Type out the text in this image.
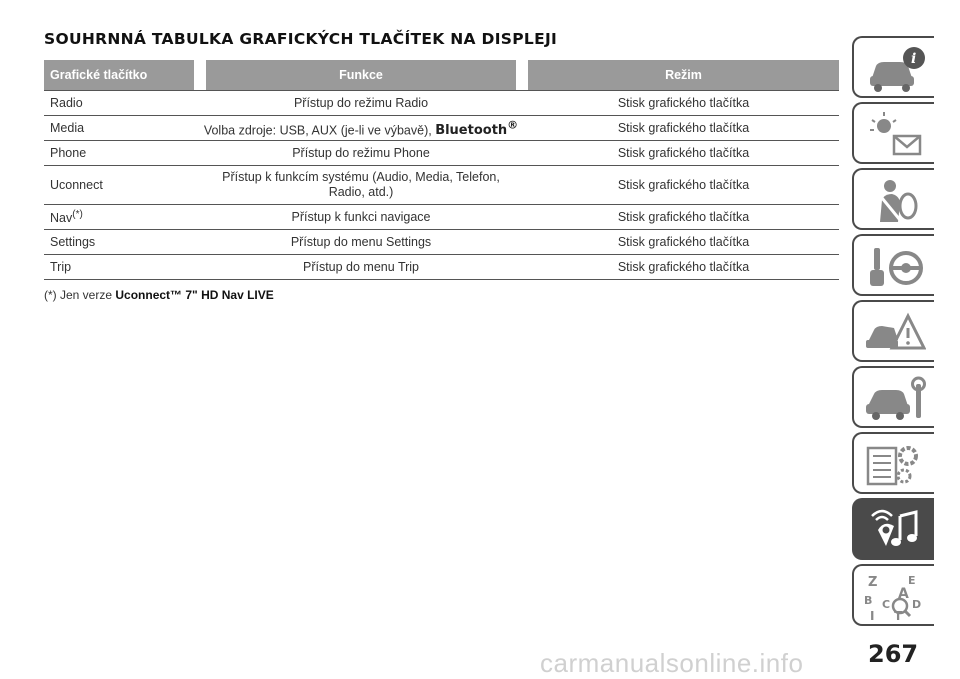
SOUHRNNÁ TABULKA GRAFICKÝCH TLAČÍTEK NA DISPLEJI
Grafické tlačítko		Funkce		Režim
Radio	Přístup do režimu Radio			Stisk grafického tlačítka
Media	Volba zdroje: USB, AUX (je-li ve výbavě), Bluetooth®			Stisk grafického tlačítka
Phone	Přístup do režimu Phone			Stisk grafického tlačítka
Uconnect	Přístup k funkcím systému (Audio, Media, Telefon,
Radio, atd.)			Stisk grafického tlačítka
Nav(*)	Přístup k funkci navigace			Stisk grafického tlačítka
Settings	Přístup do menu Settings			Stisk grafického tlačítka
Trip	Přístup do menu Trip			Stisk grafického tlačítka
(*) Jen verze Uconnect™ 7" HD Nav LIVE
i
Z	E
A
B C D
I T
267
carmanualsonline.info
